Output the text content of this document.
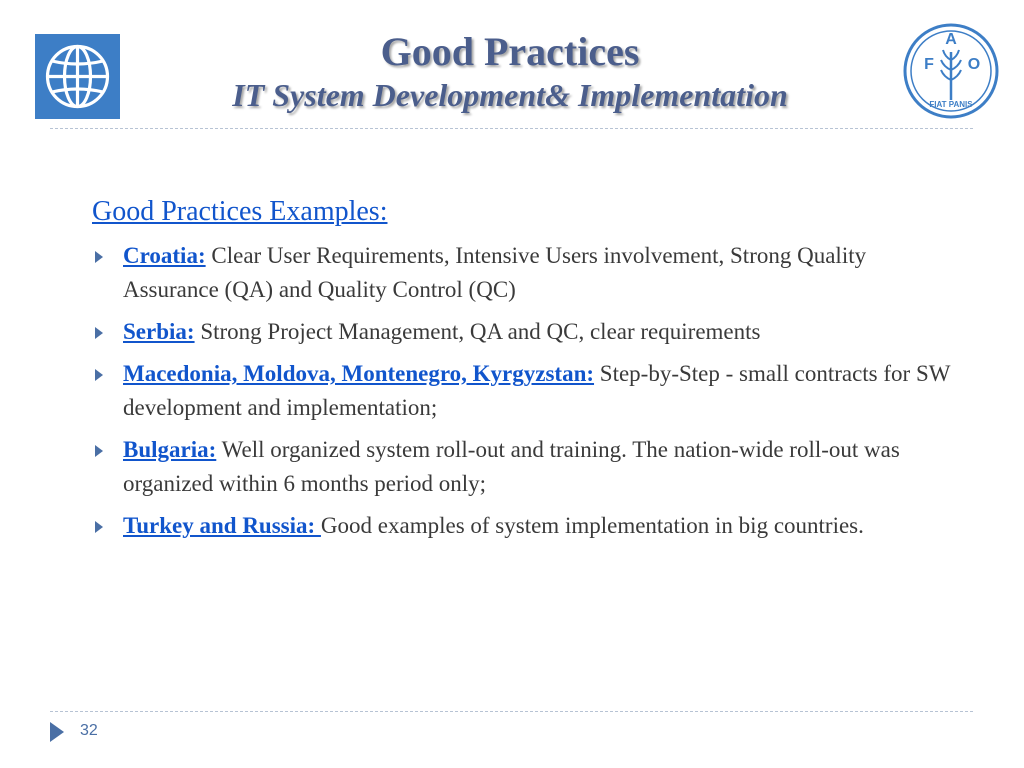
Good Practices
IT System Development& Implementation
F
A
O
FIAT PANIS
Good Practices Examples:
Croatia: Clear User Requirements, Intensive Users involvement, Strong Quality Assurance (QA) and Quality Control (QC)
Serbia: Strong Project Management, QA and QC, clear requirements
Macedonia, Moldova, Montenegro, Kyrgyzstan: Step-by-Step - small contracts for SW development and implementation;
Bulgaria: Well organized system roll-out and training. The nation-wide roll-out was organized within 6 months period only;
Turkey and Russia: Good examples of system implementation in big countries.
32
